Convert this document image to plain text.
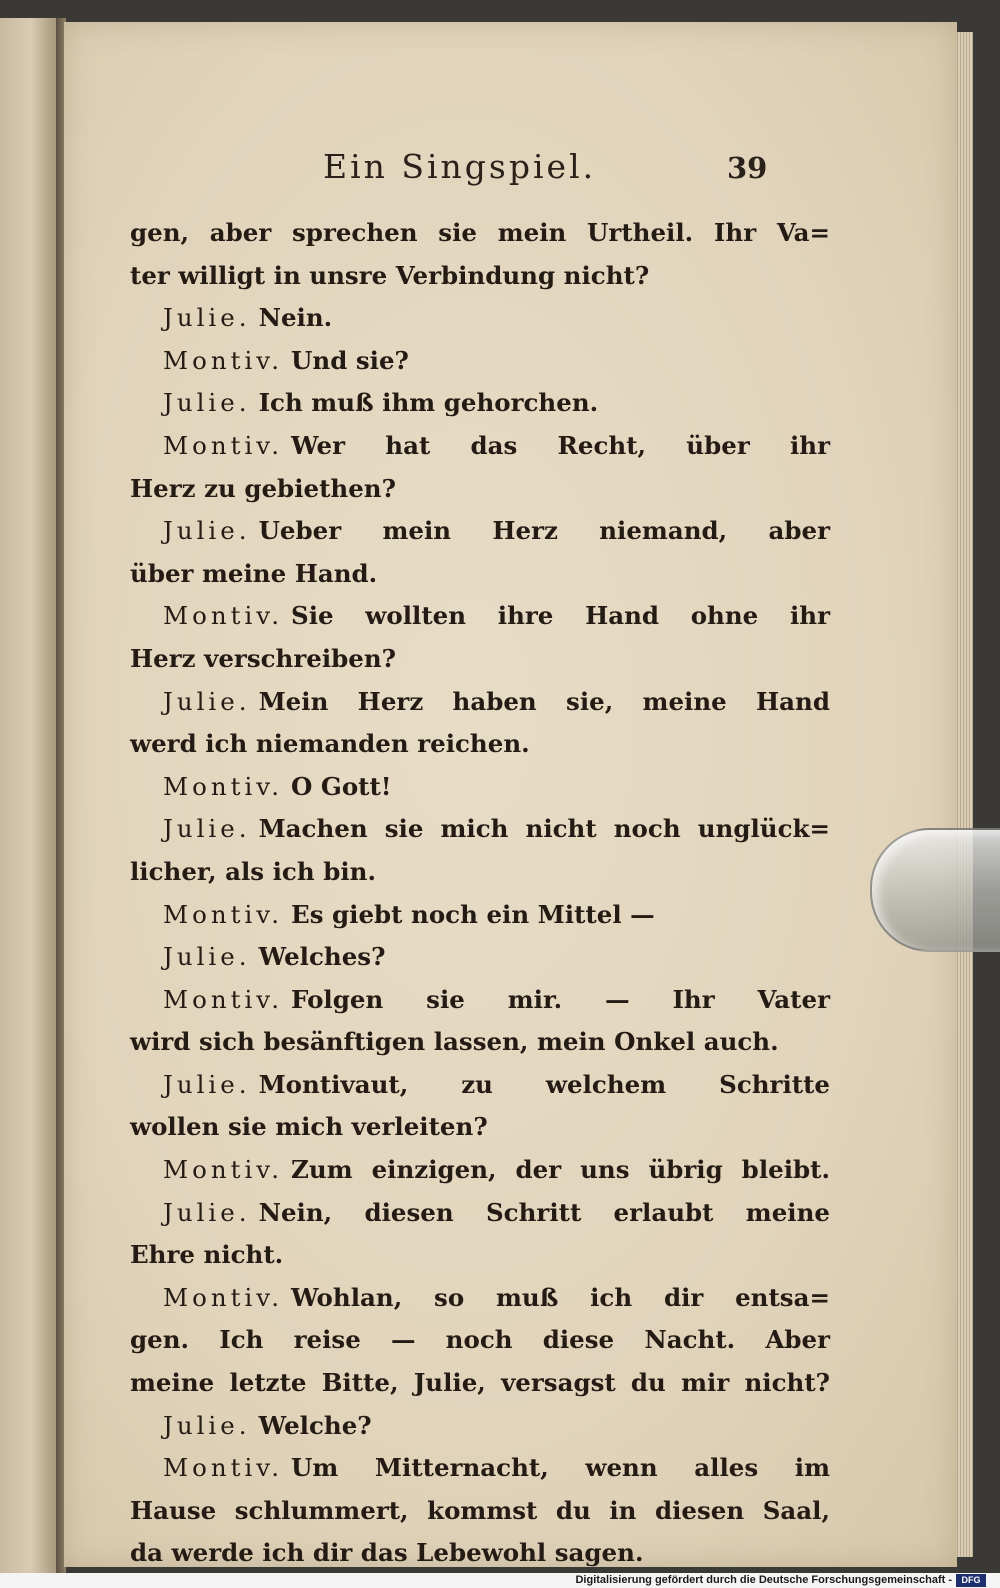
Ein Singspiel.	39
gen, aber sprechen sie mein Urtheil. Ihr Va=
ter willigt in unsre Verbindung nicht?
Julie. Nein.
Montiv. Und sie?
Julie. Ich muß ihm gehorchen.
Montiv. Wer hat das Recht, über ihr
Herz zu gebiethen?
Julie. Ueber mein Herz niemand, aber
über meine Hand.
Montiv. Sie wollten ihre Hand ohne ihr
Herz verschreiben?
Julie. Mein Herz haben sie, meine Hand
werd ich niemanden reichen.
Montiv. O Gott!
Julie. Machen sie mich nicht noch unglück=
licher, als ich bin.
Montiv. Es giebt noch ein Mittel —
Julie. Welches?
Montiv. Folgen sie mir. — Ihr Vater
wird sich besänftigen lassen, mein Onkel auch.
Julie. Montivaut, zu welchem Schritte
wollen sie mich verleiten?
Montiv. Zum einzigen, der uns übrig bleibt.
Julie. Nein, diesen Schritt erlaubt meine
Ehre nicht.
Montiv. Wohlan, so muß ich dir entsa=
gen. Ich reise — noch diese Nacht. Aber
meine letzte Bitte, Julie, versagst du mir nicht?
Julie. Welche?
Montiv. Um Mitternacht, wenn alles im
Hause schlummert, kommst du in diesen Saal,
da werde ich dir das Lebewohl sagen.
Digitalisierung gefördert durch die Deutsche Forschungsgemeinschaft -	DFG
